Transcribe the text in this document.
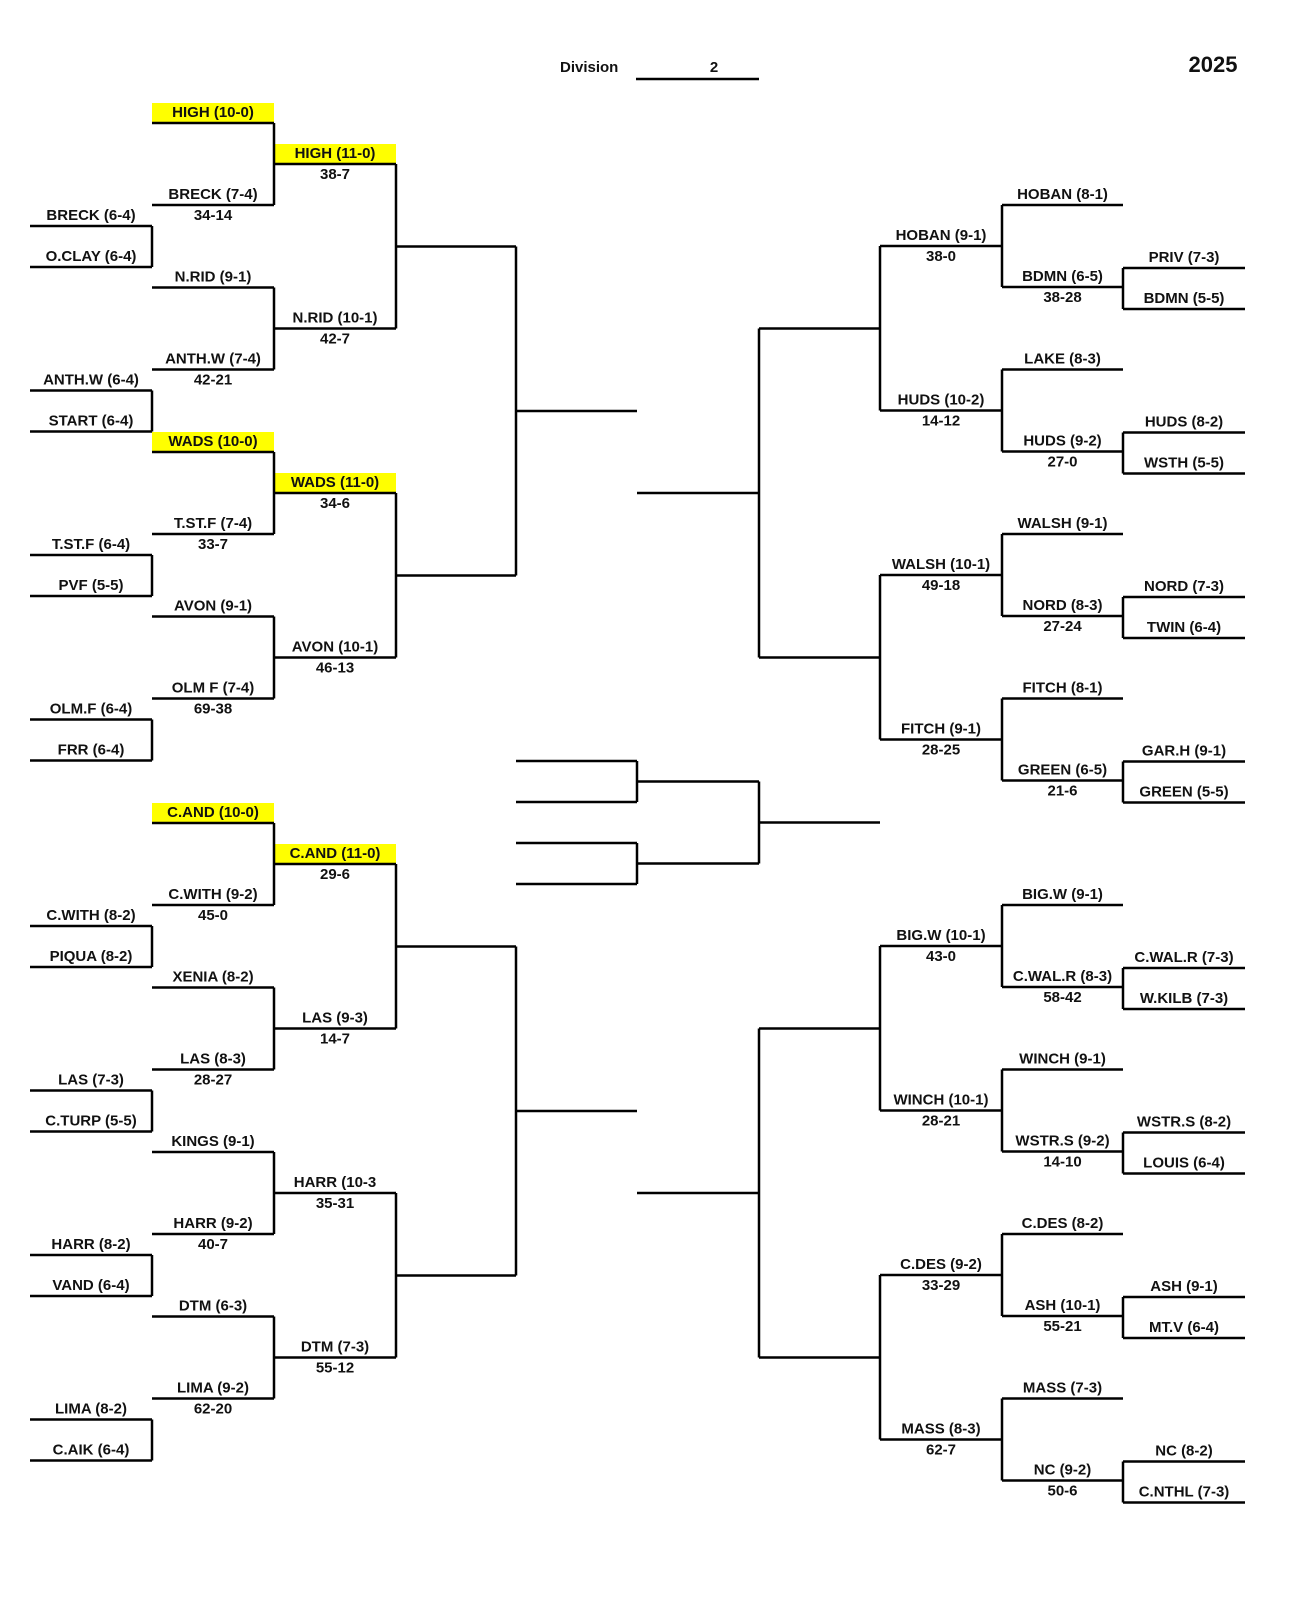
Division	2	2025
BRECK (6-4)
O.CLAY (6-4)
ANTH.W (6-4)
START (6-4)
T.ST.F (6-4)
PVF (5-5)
OLM.F (6-4)
FRR (6-4)
HIGH (10-0)
BRECK (7-4)
34-14
N.RID (9-1)
ANTH.W (7-4)
42-21
WADS (10-0)
T.ST.F (7-4)
33-7
AVON (9-1)
OLM F (7-4)
69-38
HIGH (11-0)
38-7
N.RID (10-1)
42-7
WADS (11-0)
34-6
AVON (10-1)
46-13
C.WITH (8-2)
PIQUA (8-2)
LAS (7-3)
C.TURP (5-5)
HARR (8-2)
VAND (6-4)
LIMA (8-2)
C.AIK (6-4)
C.AND (10-0)
C.WITH (9-2)
45-0
XENIA (8-2)
LAS (8-3)
28-27
KINGS (9-1)
HARR (9-2)
40-7
DTM (6-3)
LIMA (9-2)
62-20
C.AND (11-0)
29-6
LAS (9-3)
14-7
HARR (10-3
35-31
DTM (7-3)
55-12
PRIV (7-3)
BDMN (5-5)
HUDS (8-2)
WSTH (5-5)
NORD (7-3)
TWIN (6-4)
GAR.H (9-1)
GREEN (5-5)
HOBAN (8-1)
BDMN (6-5)
38-28
LAKE (8-3)
HUDS (9-2)
27-0
WALSH (9-1)
NORD (8-3)
27-24
FITCH (8-1)
GREEN (6-5)
21-6
HOBAN (9-1)
38-0
HUDS (10-2)
14-12
WALSH (10-1)
49-18
FITCH (9-1)
28-25
C.WAL.R (7-3)
W.KILB (7-3)
WSTR.S (8-2)
LOUIS (6-4)
ASH (9-1)
MT.V (6-4)
NC (8-2)
C.NTHL (7-3)
BIG.W (9-1)
C.WAL.R (8-3)
58-42
WINCH (9-1)
WSTR.S (9-2)
14-10
C.DES (8-2)
ASH (10-1)
55-21
MASS (7-3)
NC (9-2)
50-6
BIG.W (10-1)
43-0
WINCH (10-1)
28-21
C.DES (9-2)
33-29
MASS (8-3)
62-7
